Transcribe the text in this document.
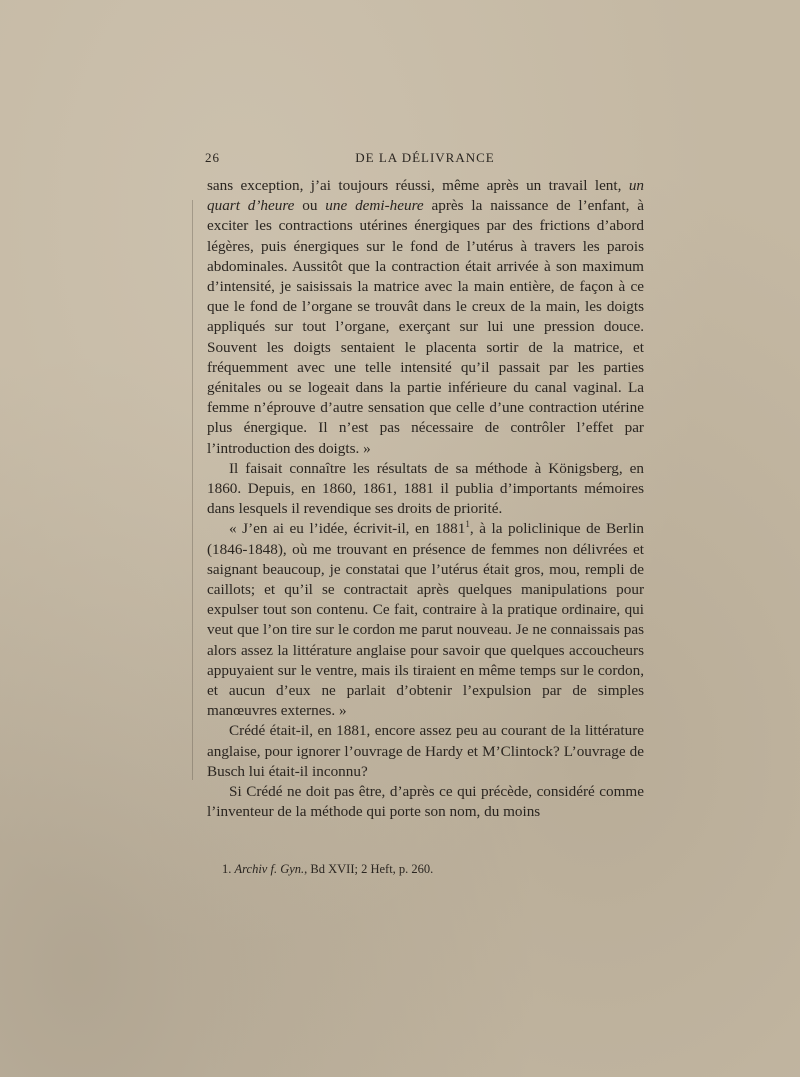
26	DE LA DÉLIVRANCE

sans exception, j’ai toujours réussi, même après un travail lent, un quart d’heure ou une demi-heure après la naissance de l’enfant, à exciter les contractions utérines énergiques par des frictions d’abord légères, puis énergiques sur le fond de l’utérus à travers les parois abdominales. Aussitôt que la contraction était arrivée à son maximum d’intensité, je saisissais la matrice avec la main entière, de façon à ce que le fond de l’organe se trouvât dans le creux de la main, les doigts appliqués sur tout l’organe, exerçant sur lui une pression douce. Souvent les doigts sentaient le placenta sortir de la matrice, et fréquemment avec une telle intensité qu’il passait par les parties génitales ou se logeait dans la partie inférieure du canal vaginal. La femme n’éprouve d’autre sensation que celle d’une contraction utérine plus énergique. Il n’est pas nécessaire de contrôler l’effet par l’introduction des doigts. »

Il faisait connaître les résultats de sa méthode à Königsberg, en 1860. Depuis, en 1860, 1861, 1881 il publia d’importants mémoires dans lesquels il revendique ses droits de priorité.

« J’en ai eu l’idée, écrivit-il, en 1881$^1$, à la policlinique de Berlin (1846-1848), où me trouvant en présence de femmes non délivrées et saignant beaucoup, je constatai que l’utérus était gros, mou, rempli de caillots; et qu’il se contractait après quelques manipulations pour expulser tout son contenu. Ce fait, contraire à la pratique ordinaire, qui veut que l’on tire sur le cordon me parut nouveau. Je ne connaissais pas alors assez la littérature anglaise pour savoir que quelques accoucheurs appuyaient sur le ventre, mais ils tiraient en même temps sur le cordon, et aucun d’eux ne parlait d’obtenir l’expulsion par de simples manœuvres externes. »

Crédé était-il, en 1881, encore assez peu au courant de la littérature anglaise, pour ignorer l’ouvrage de Hardy et M’Clintock? L’ouvrage de Busch lui était-il inconnu?

Si Crédé ne doit pas être, d’après ce qui précède, considéré comme l’inventeur de la méthode qui porte son nom, du moins

1. Archiv f. Gyn., Bd XVII; 2 Heft, p. 260.
